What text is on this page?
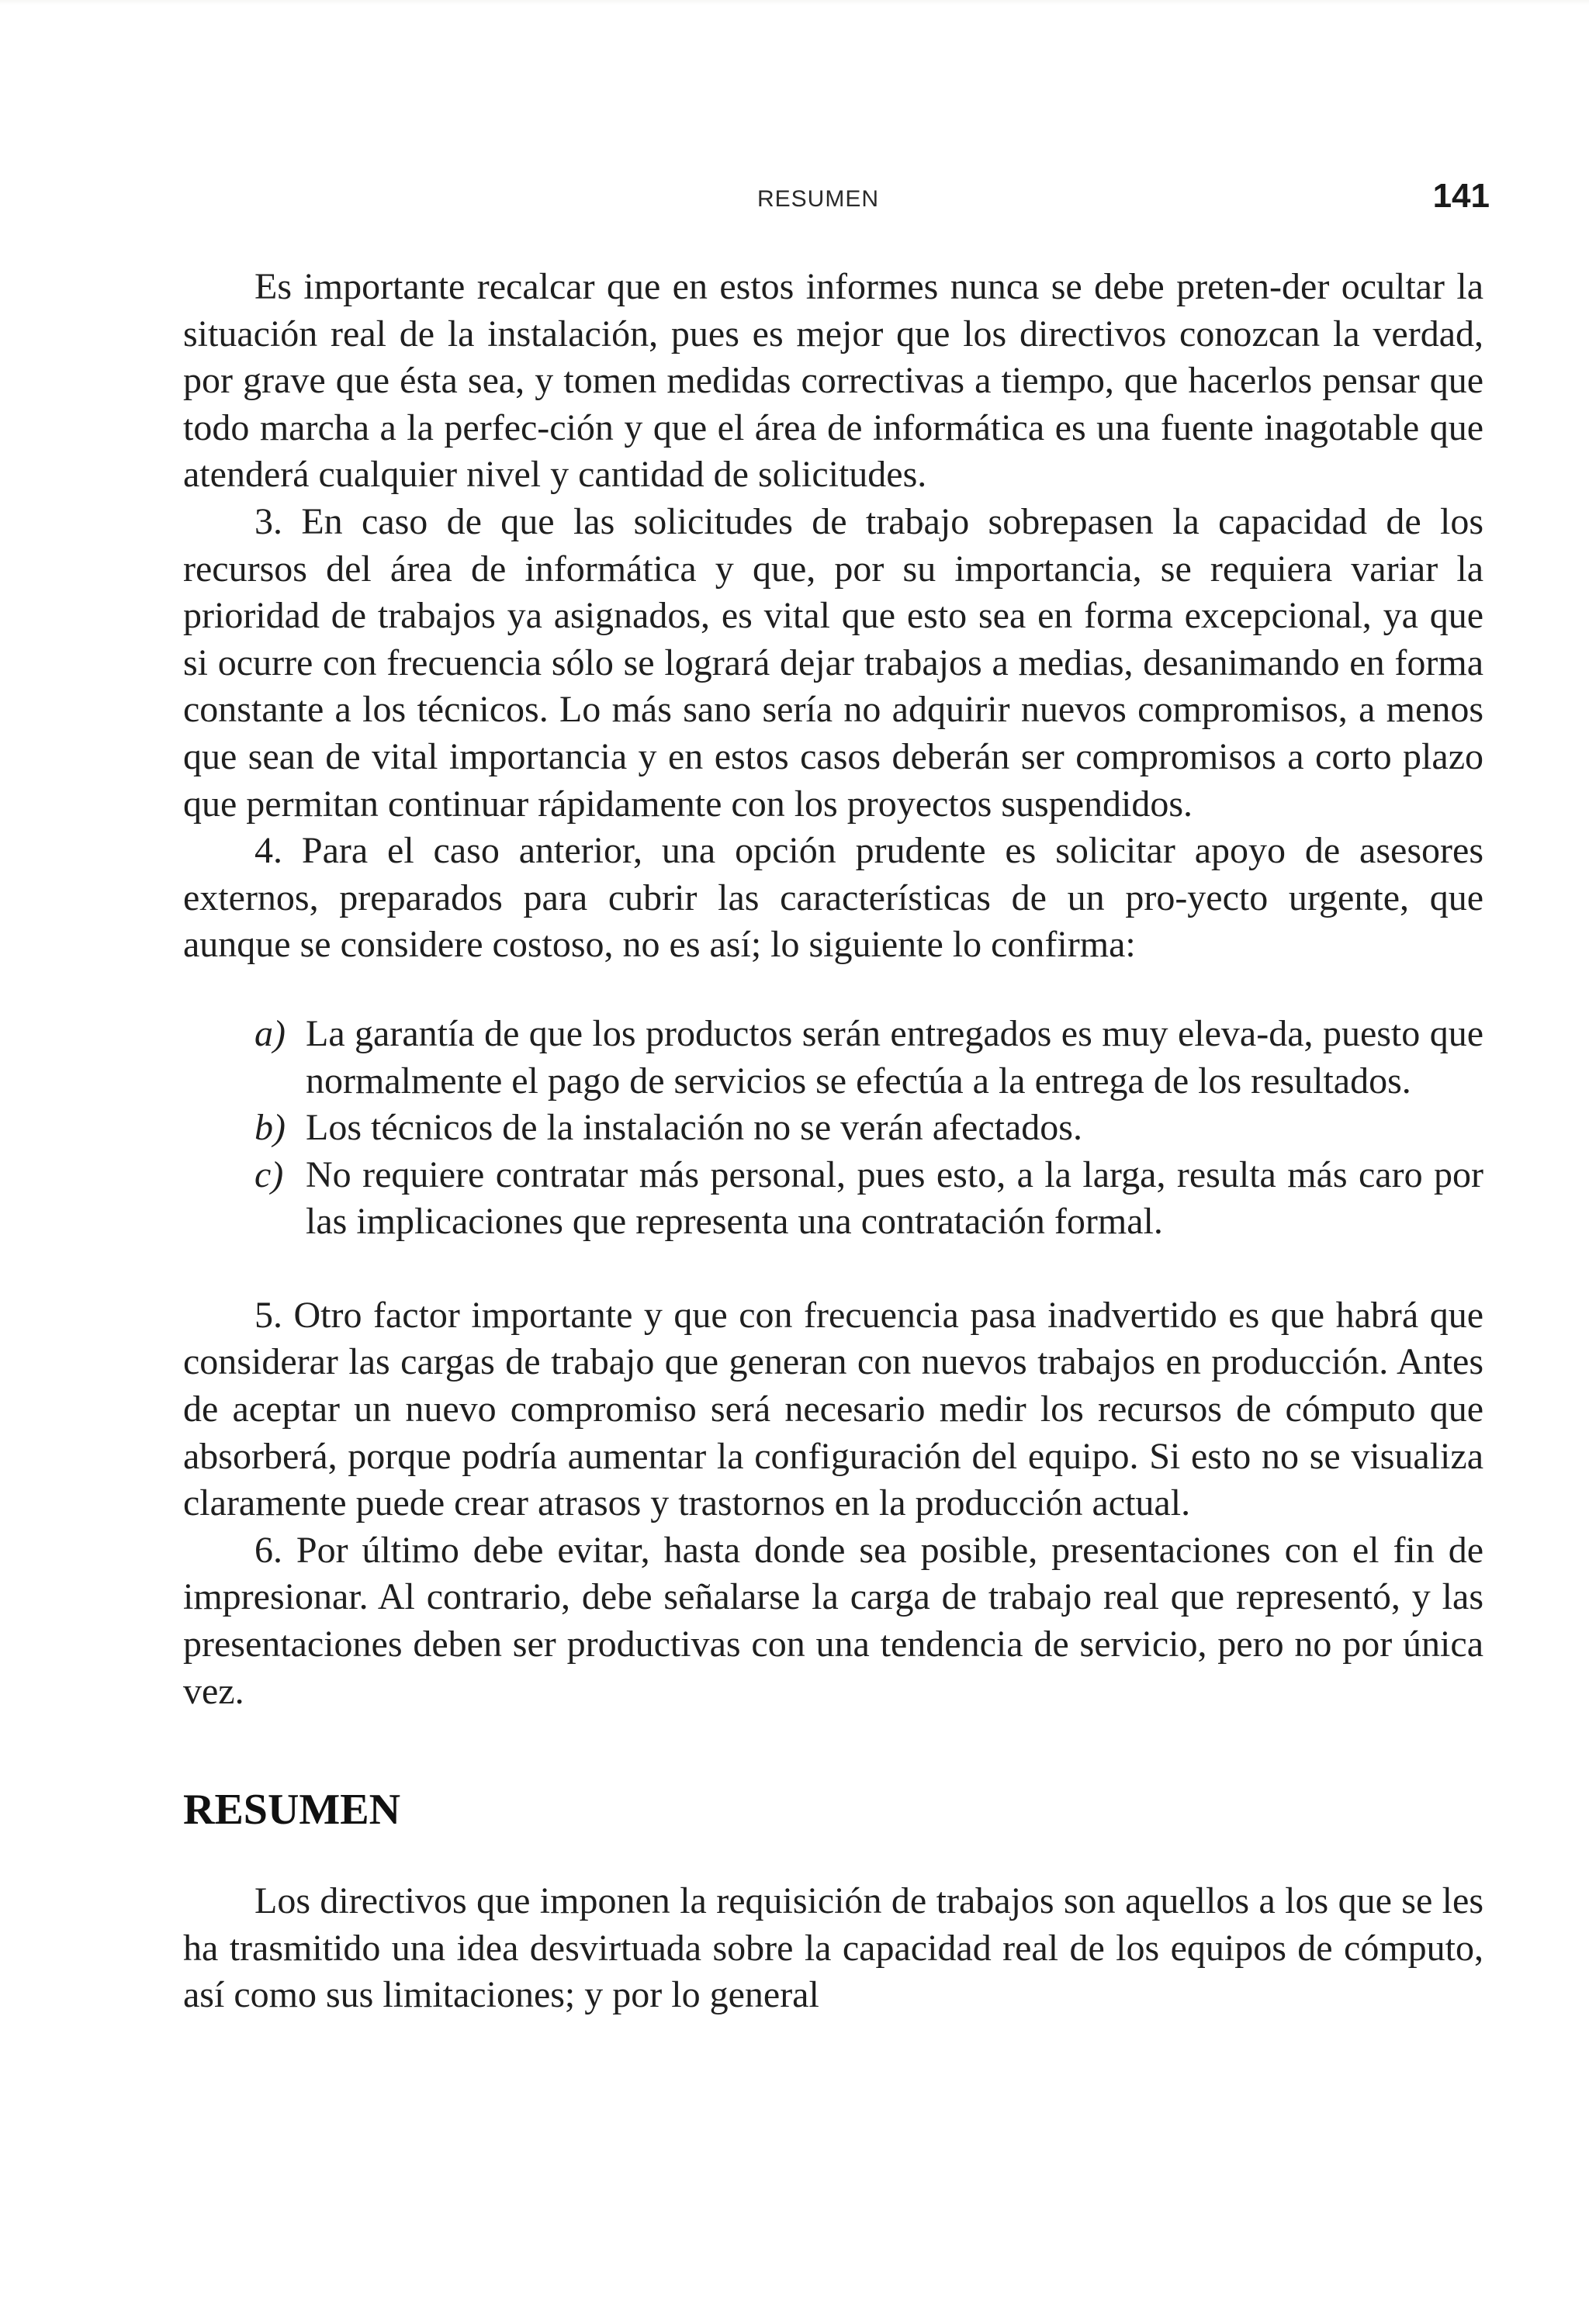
RESUMEN	141

Es importante recalcar que en estos informes nunca se debe preten-der ocultar la situación real de la instalación, pues es mejor que los directivos conozcan la verdad, por grave que ésta sea, y tomen medidas correctivas a tiempo, que hacerlos pensar que todo marcha a la perfec-ción y que el área de informática es una fuente inagotable que atenderá cualquier nivel y cantidad de solicitudes.

3. En caso de que las solicitudes de trabajo sobrepasen la capacidad de los recursos del área de informática y que, por su importancia, se requiera variar la prioridad de trabajos ya asignados, es vital que esto sea en forma excepcional, ya que si ocurre con frecuencia sólo se logrará dejar trabajos a medias, desanimando en forma constante a los técnicos. Lo más sano sería no adquirir nuevos compromisos, a menos que sean de vital importancia y en estos casos deberán ser compromisos a corto plazo que permitan continuar rápidamente con los proyectos suspendidos.

4. Para el caso anterior, una opción prudente es solicitar apoyo de asesores externos, preparados para cubrir las características de un pro-yecto urgente, que aunque se considere costoso, no es así; lo siguiente lo confirma:

a) La garantía de que los productos serán entregados es muy eleva-da, puesto que normalmente el pago de servicios se efectúa a la entrega de los resultados.
b) Los técnicos de la instalación no se verán afectados.
c) No requiere contratar más personal, pues esto, a la larga, resulta más caro por las implicaciones que representa una contratación formal.

5. Otro factor importante y que con frecuencia pasa inadvertido es que habrá que considerar las cargas de trabajo que generan con nuevos trabajos en producción. Antes de aceptar un nuevo compromiso será necesario medir los recursos de cómputo que absorberá, porque podría aumentar la configuración del equipo. Si esto no se visualiza claramente puede crear atrasos y trastornos en la producción actual.

6. Por último debe evitar, hasta donde sea posible, presentaciones con el fin de impresionar. Al contrario, debe señalarse la carga de trabajo real que representó, y las presentaciones deben ser productivas con una tendencia de servicio, pero no por única vez.

RESUMEN

Los directivos que imponen la requisición de trabajos son aquellos a los que se les ha trasmitido una idea desvirtuada sobre la capacidad real de los equipos de cómputo, así como sus limitaciones; y por lo general
